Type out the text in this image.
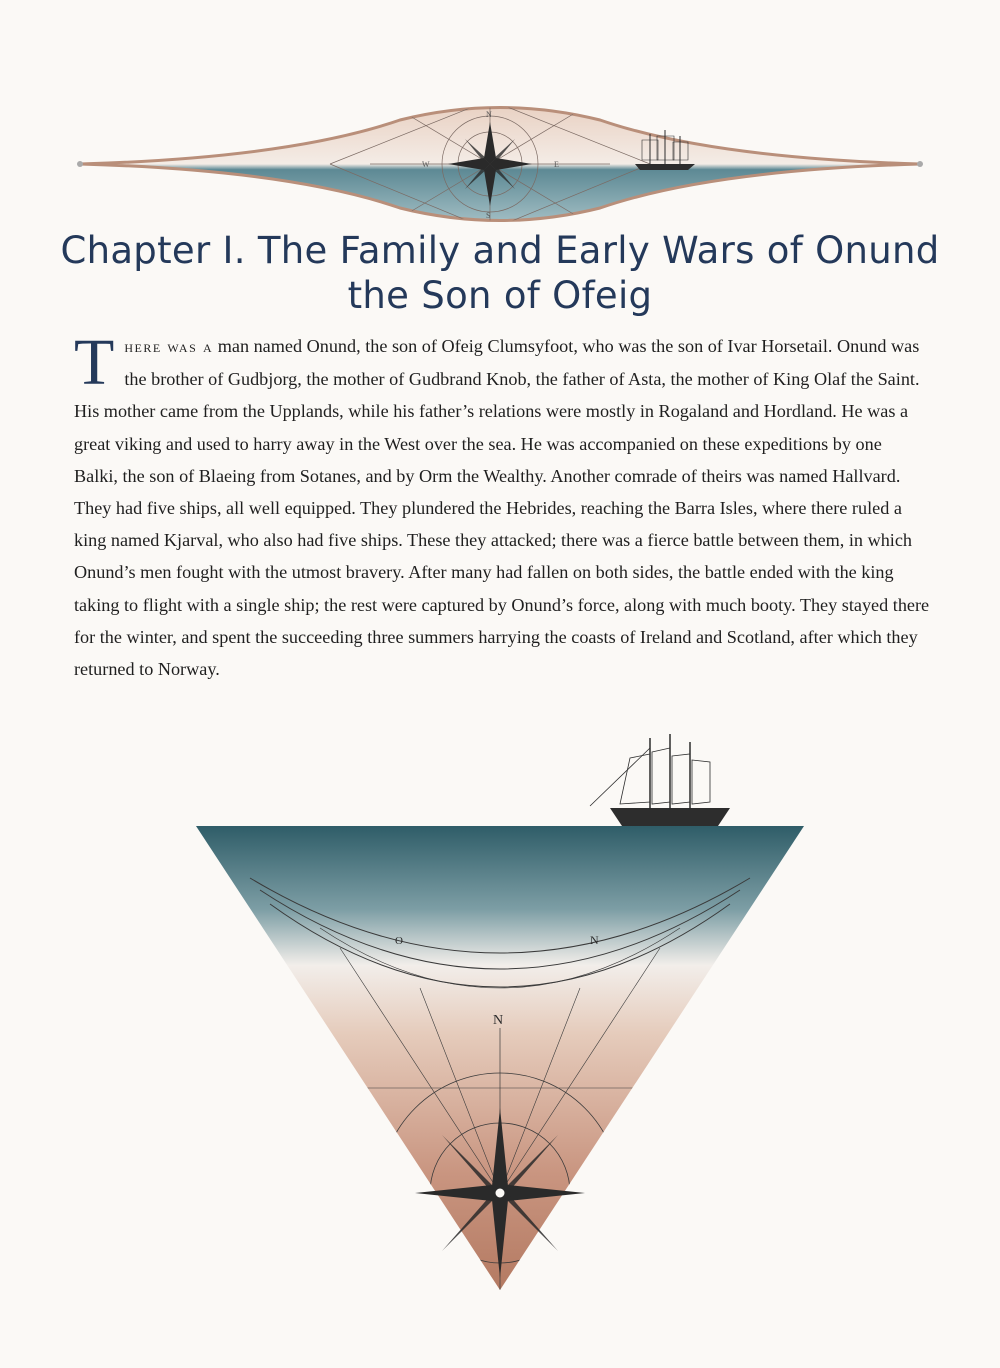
N
S
W	E
Chapter I. The Family and Early Wars of Onund the Son of Ofeig

There was a man named Onund, the son of Ofeig Clumsyfoot, who was the son of Ivar Horsetail. Onund was the brother of Gudbjorg, the mother of Gudbrand Knob, the father of Asta, the mother of King Olaf the Saint. His mother came from the Upplands, while his father’s relations were mostly in Rogaland and Hordland. He was a great viking and used to harry away in the West over the sea. He was accompanied on these expeditions by one Balki, the son of Blaeing from Sotanes, and by Orm the Wealthy. Another comrade of theirs was named Hallvard. They had five ships, all well equipped. They plundered the Hebrides, reaching the Barra Isles, where there ruled a king named Kjarval, who also had five ships. These they attacked; there was a fierce battle between them, in which Onund’s men fought with the utmost bravery. After many had fallen on both sides, the battle ended with the king taking to flight with a single ship; the rest were captured by Onund’s force, along with much booty. They stayed there for the winter, and spent the succeeding three summers harrying the coasts of Ireland and Scotland, after which they returned to Norway.

N
N
O
